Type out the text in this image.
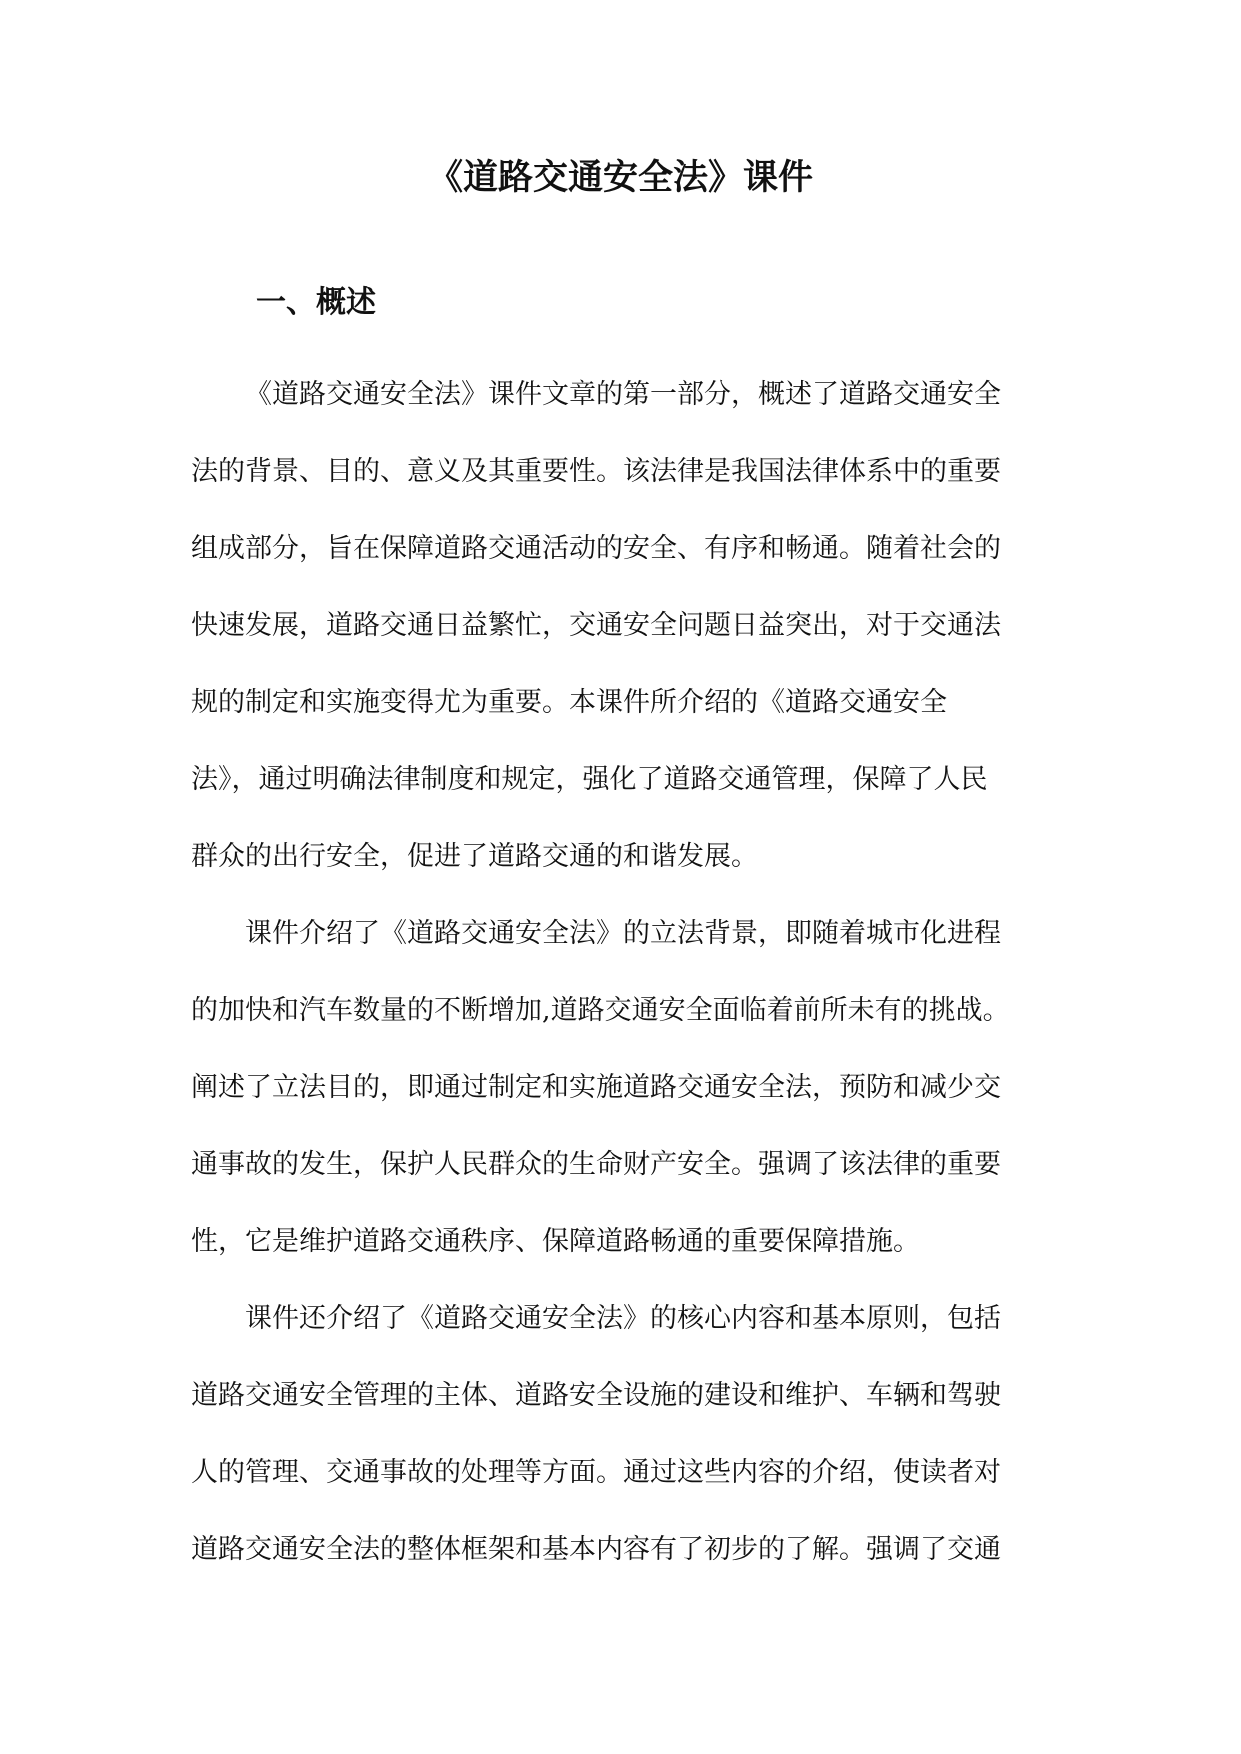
《道路交通安全法》课件
一、概述
《道路交通安全法》课件文章的第一部分，概述了道路交通安全
法的背景、目的、意义及其重要性。该法律是我国法律体系中的重要
组成部分，旨在保障道路交通活动的安全、有序和畅通。随着社会的
快速发展，道路交通日益繁忙，交通安全问题日益突出，对于交通法
规的制定和实施变得尤为重要。本课件所介绍的《道路交通安全
法》，通过明确法律制度和规定，强化了道路交通管理，保障了人民
群众的出行安全，促进了道路交通的和谐发展。
课件介绍了《道路交通安全法》的立法背景，即随着城市化进程
的加快和汽车数量的不断增加,道路交通安全面临着前所未有的挑战。
阐述了立法目的，即通过制定和实施道路交通安全法，预防和减少交
通事故的发生，保护人民群众的生命财产安全。强调了该法律的重要
性，它是维护道路交通秩序、保障道路畅通的重要保障措施。
课件还介绍了《道路交通安全法》的核心内容和基本原则，包括
道路交通安全管理的主体、道路安全设施的建设和维护、车辆和驾驶
人的管理、交通事故的处理等方面。通过这些内容的介绍，使读者对
道路交通安全法的整体框架和基本内容有了初步的了解。强调了交通
